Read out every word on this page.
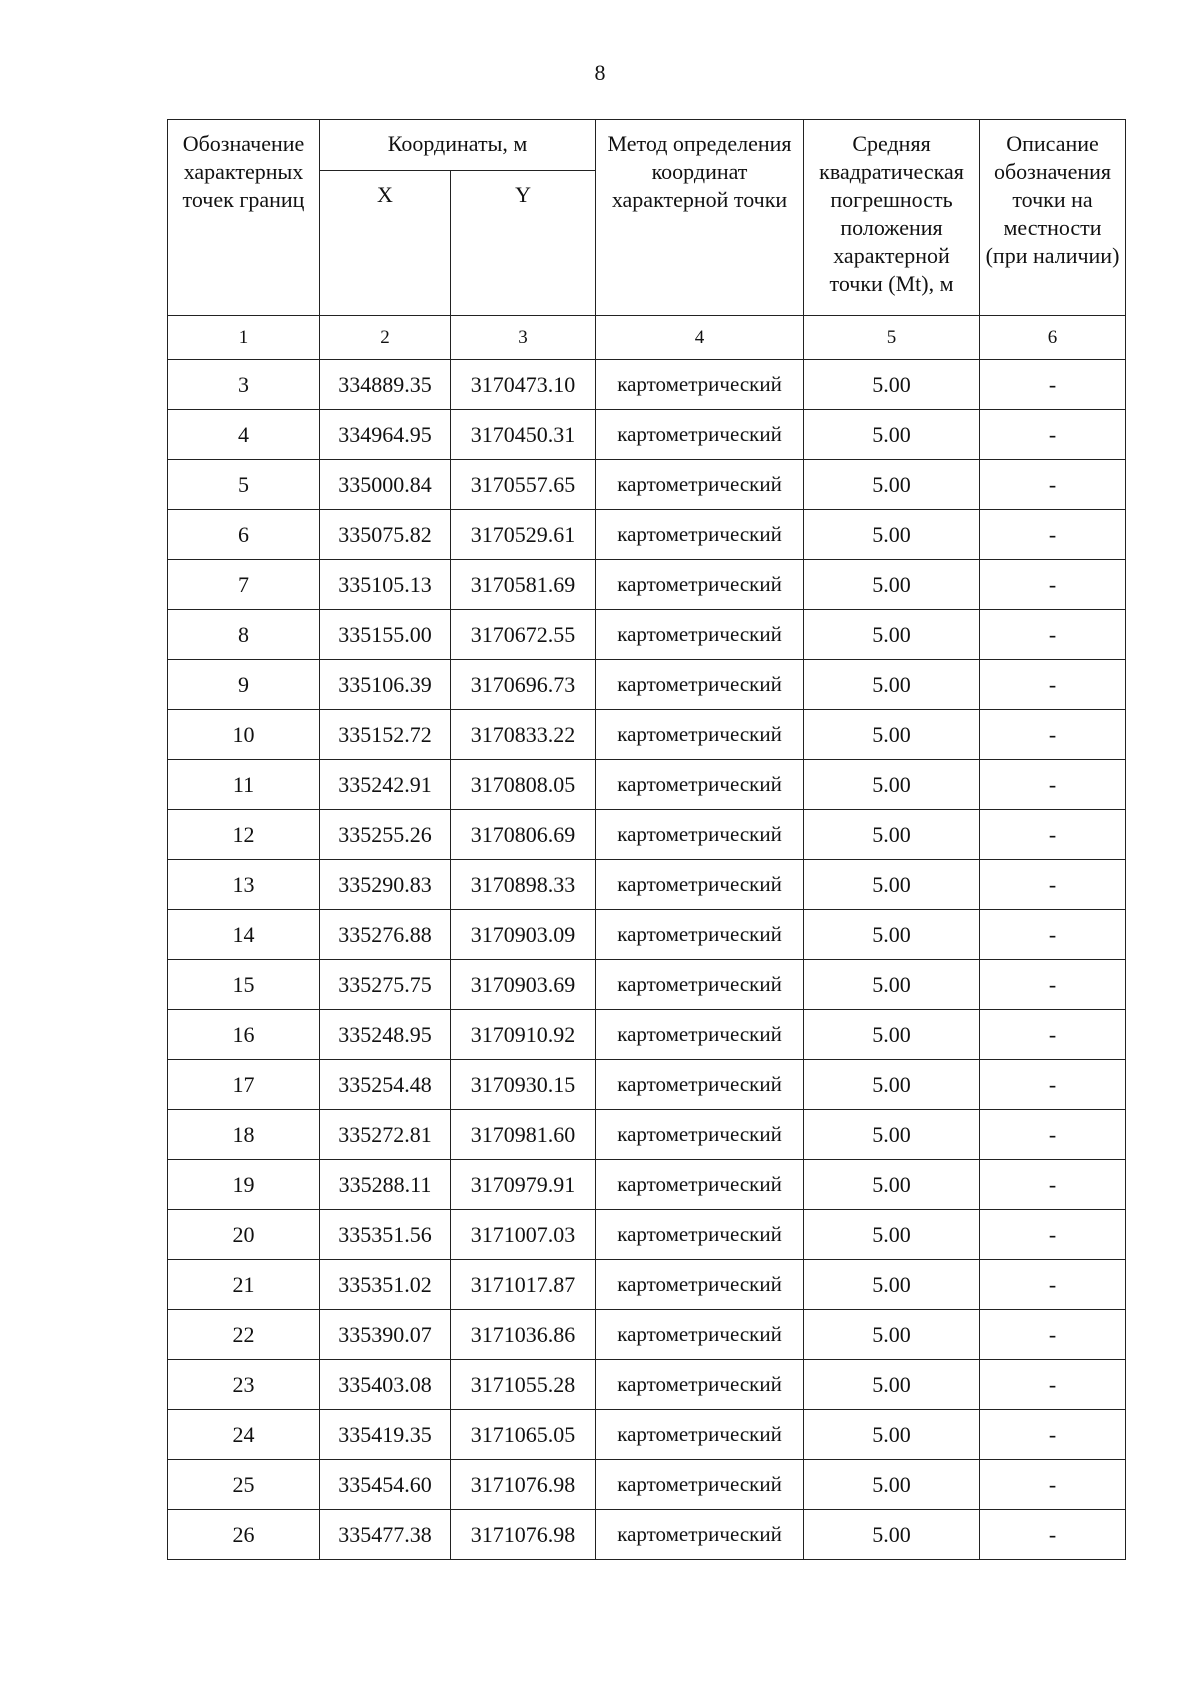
8
Обозначение характерных точек границ	Координаты, м		Метод определения координат характерной точки	Средняя квадратическая погрешность положения характерной точки (Mt), м	Описание обозначения точки на местности (при наличии)
	X	Y			
1	2	3	4	5	6
3	334889.35	3170473.10	картометрический	5.00	-
4	334964.95	3170450.31	картометрический	5.00	-
5	335000.84	3170557.65	картометрический	5.00	-
6	335075.82	3170529.61	картометрический	5.00	-
7	335105.13	3170581.69	картометрический	5.00	-
8	335155.00	3170672.55	картометрический	5.00	-
9	335106.39	3170696.73	картометрический	5.00	-
10	335152.72	3170833.22	картометрический	5.00	-
11	335242.91	3170808.05	картометрический	5.00	-
12	335255.26	3170806.69	картометрический	5.00	-
13	335290.83	3170898.33	картометрический	5.00	-
14	335276.88	3170903.09	картометрический	5.00	-
15	335275.75	3170903.69	картометрический	5.00	-
16	335248.95	3170910.92	картометрический	5.00	-
17	335254.48	3170930.15	картометрический	5.00	-
18	335272.81	3170981.60	картометрический	5.00	-
19	335288.11	3170979.91	картометрический	5.00	-
20	335351.56	3171007.03	картометрический	5.00	-
21	335351.02	3171017.87	картометрический	5.00	-
22	335390.07	3171036.86	картометрический	5.00	-
23	335403.08	3171055.28	картометрический	5.00	-
24	335419.35	3171065.05	картометрический	5.00	-
25	335454.60	3171076.98	картометрический	5.00	-
26	335477.38	3171076.98	картометрический	5.00	-
